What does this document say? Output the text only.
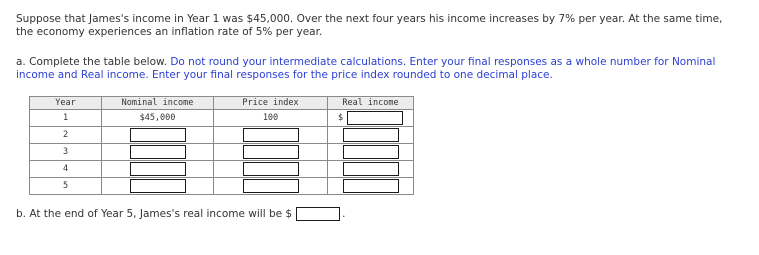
Suppose that James's income in Year 1 was $45,000. Over the next four years his income increases by 7% per year. At the same time,
the economy experiences an inflation rate of 5% per year.
a. Complete the table below. Do not round your intermediate calculations. Enter your final responses as a whole number for Nominal income and Real income. Enter your final responses for the price index rounded to one decimal place.
Year	Nominal income	Price index	Real income
1	$45,000	100	$

2			
3			
4			
5			
b. At the end of Year 5, James's real income will be $	.
